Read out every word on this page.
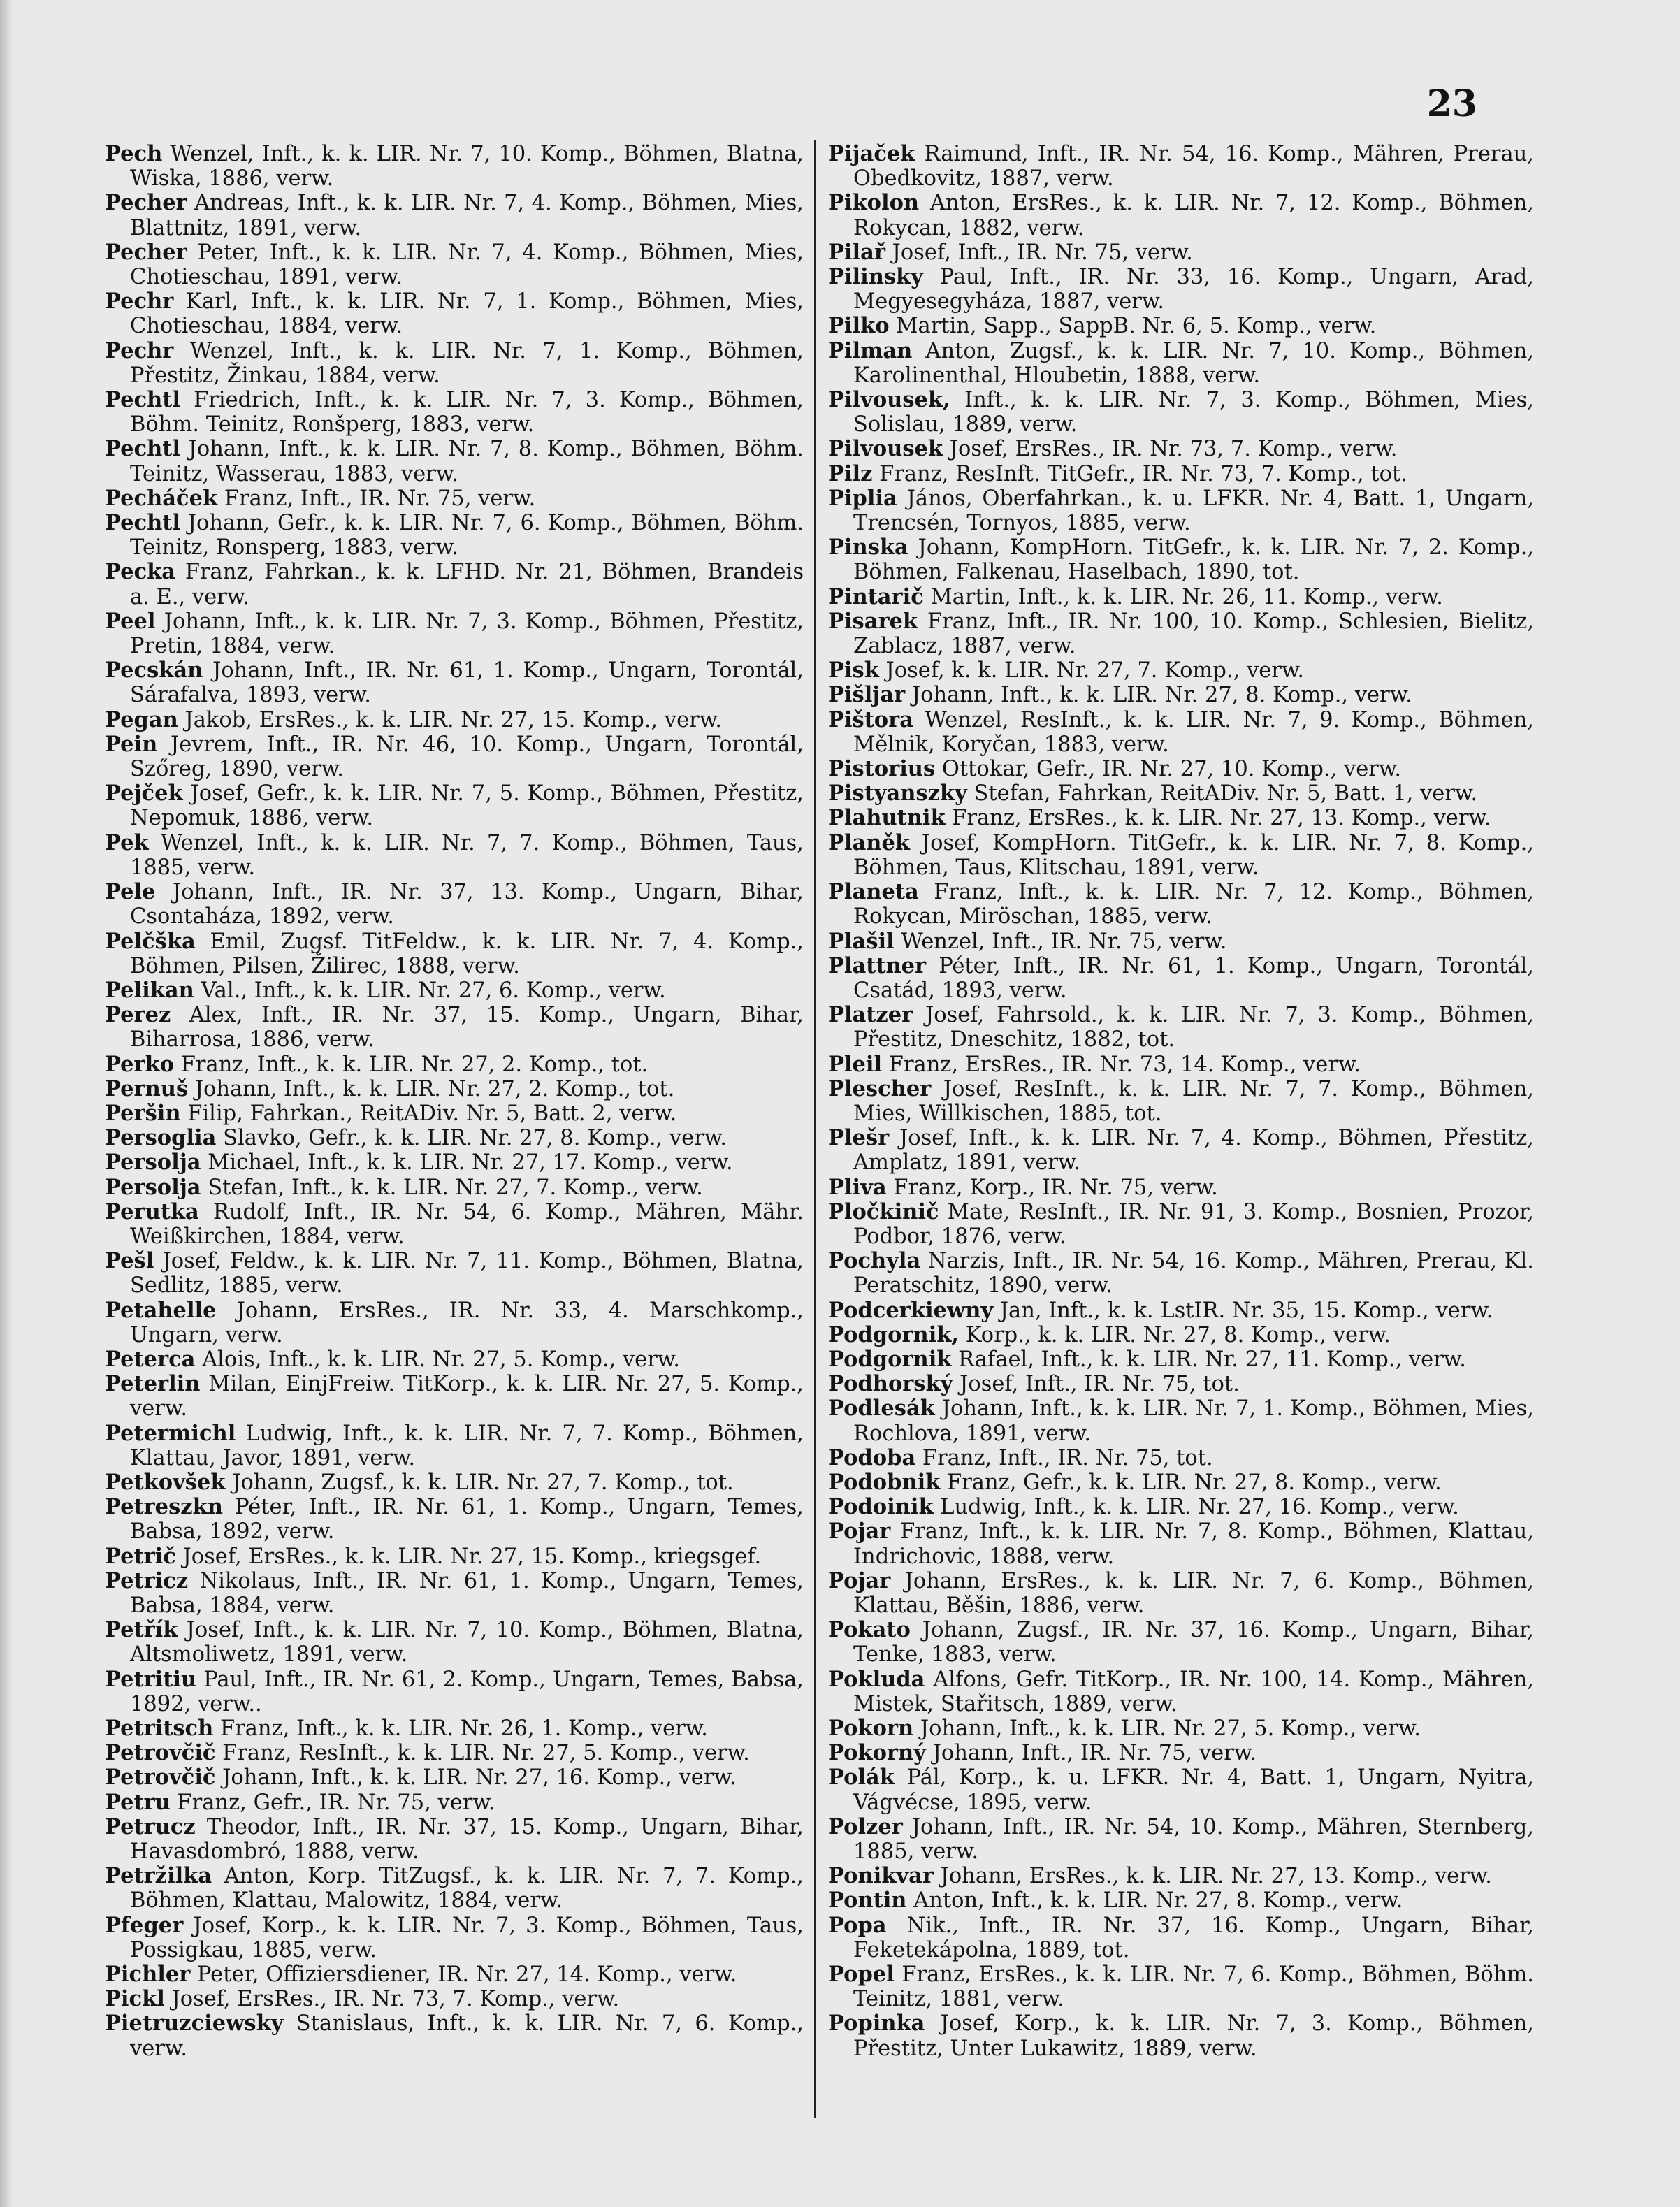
23

Pech Wenzel, Inft., k. k. LIR. Nr. 7, 10. Komp., Böhmen, Blatna, Wiska, 1886, verw.

Pecher Andreas, Inft., k. k. LIR. Nr. 7, 4. Komp., Böhmen, Mies, Blattnitz, 1891, verw.

Pecher Peter, Inft., k. k. LIR. Nr. 7, 4. Komp., Böhmen, Mies, Chotieschau, 1891, verw.

Pechr Karl, Inft., k. k. LIR. Nr. 7, 1. Komp., Böhmen, Mies, Chotieschau, 1884, verw.

Pechr Wenzel, Inft., k. k. LIR. Nr. 7, 1. Komp., Böhmen, Přestitz, Žinkau, 1884, verw.

Pechtl Friedrich, Inft., k. k. LIR. Nr. 7, 3. Komp., Böhmen, Böhm. Teinitz, Ronšperg, 1883, verw.

Pechtl Johann, Inft., k. k. LIR. Nr. 7, 8. Komp., Böhmen, Böhm. Teinitz, Wasserau, 1883, verw.

Pecháček Franz, Inft., IR. Nr. 75, verw.

Pechtl Johann, Gefr., k. k. LIR. Nr. 7, 6. Komp., Böhmen, Böhm. Teinitz, Ronsperg, 1883, verw.

Pecka Franz, Fahrkan., k. k. LFHD. Nr. 21, Böhmen, Brandeis a. E., verw.

Peel Johann, Inft., k. k. LIR. Nr. 7, 3. Komp., Böhmen, Přestitz, Pretin, 1884, verw.

Pecskán Johann, Inft., IR. Nr. 61, 1. Komp., Ungarn, Torontál, Sárafalva, 1893, verw.

Pegan Jakob, ErsRes., k. k. LIR. Nr. 27, 15. Komp., verw.

Pein Jevrem, Inft., IR. Nr. 46, 10. Komp., Ungarn, Torontál, Szőreg, 1890, verw.

Pejček Josef, Gefr., k. k. LIR. Nr. 7, 5. Komp., Böhmen, Přestitz, Nepomuk, 1886, verw.

Pek Wenzel, Inft., k. k. LIR. Nr. 7, 7. Komp., Böhmen, Taus, 1885, verw.

Pele Johann, Inft., IR. Nr. 37, 13. Komp., Ungarn, Bihar, Csontaháza, 1892, verw.

Pelčška Emil, Zugsf. TitFeldw., k. k. LIR. Nr. 7, 4. Komp., Böhmen, Pilsen, Žilirec, 1888, verw.

Pelikan Val., Inft., k. k. LIR. Nr. 27, 6. Komp., verw.

Perez Alex, Inft., IR. Nr. 37, 15. Komp., Ungarn, Bihar, Biharrosa, 1886, verw.

Perko Franz, Inft., k. k. LIR. Nr. 27, 2. Komp., tot.

Pernuš Johann, Inft., k. k. LIR. Nr. 27, 2. Komp., tot.

Peršin Filip, Fahrkan., ReitADiv. Nr. 5, Batt. 2, verw.

Persoglia Slavko, Gefr., k. k. LIR. Nr. 27, 8. Komp., verw.

Persolja Michael, Inft., k. k. LIR. Nr. 27, 17. Komp., verw.

Persolja Stefan, Inft., k. k. LIR. Nr. 27, 7. Komp., verw.

Perutka Rudolf, Inft., IR. Nr. 54, 6. Komp., Mähren, Mähr. Weißkirchen, 1884, verw.

Pešl Josef, Feldw., k. k. LIR. Nr. 7, 11. Komp., Böhmen, Blatna, Sedlitz, 1885, verw.

Petahelle Johann, ErsRes., IR. Nr. 33, 4. Marschkomp., Ungarn, verw.

Peterca Alois, Inft., k. k. LIR. Nr. 27, 5. Komp., verw.

Peterlin Milan, EinjFreiw. TitKorp., k. k. LIR. Nr. 27, 5. Komp., verw.

Petermichl Ludwig, Inft., k. k. LIR. Nr. 7, 7. Komp., Böhmen, Klattau, Javor, 1891, verw.

Petkovšek Johann, Zugsf., k. k. LIR. Nr. 27, 7. Komp., tot.

Petreszkn Péter, Inft., IR. Nr. 61, 1. Komp., Ungarn, Temes, Babsa, 1892, verw.

Petrič Josef, ErsRes., k. k. LIR. Nr. 27, 15. Komp., kriegsgef.

Petricz Nikolaus, Inft., IR. Nr. 61, 1. Komp., Ungarn, Temes, Babsa, 1884, verw.

Petřík Josef, Inft., k. k. LIR. Nr. 7, 10. Komp., Böhmen, Blatna, Altsmoliwetz, 1891, verw.

Petritiu Paul, Inft., IR. Nr. 61, 2. Komp., Ungarn, Temes, Babsa, 1892, verw..

Petritsch Franz, Inft., k. k. LIR. Nr. 26, 1. Komp., verw.

Petrovčič Franz, ResInft., k. k. LIR. Nr. 27, 5. Komp., verw.

Petrovčič Johann, Inft., k. k. LIR. Nr. 27, 16. Komp., verw.

Petru Franz, Gefr., IR. Nr. 75, verw.

Petrucz Theodor, Inft., IR. Nr. 37, 15. Komp., Ungarn, Bihar, Havasdombró, 1888, verw.

Petržilka Anton, Korp. TitZugsf., k. k. LIR. Nr. 7, 7. Komp., Böhmen, Klattau, Malowitz, 1884, verw.

Pfeger Josef, Korp., k. k. LIR. Nr. 7, 3. Komp., Böhmen, Taus, Possigkau, 1885, verw.

Pichler Peter, Offiziersdiener, IR. Nr. 27, 14. Komp., verw.

Pickl Josef, ErsRes., IR. Nr. 73, 7. Komp., verw.

Pietruzciewsky Stanislaus, Inft., k. k. LIR. Nr. 7, 6. Komp., verw.

Pijaček Raimund, Inft., IR. Nr. 54, 16. Komp., Mähren, Prerau, Obedkovitz, 1887, verw.

Pikolon Anton, ErsRes., k. k. LIR. Nr. 7, 12. Komp., Böhmen, Rokycan, 1882, verw.

Pilař Josef, Inft., IR. Nr. 75, verw.

Pilinsky Paul, Inft., IR. Nr. 33, 16. Komp., Ungarn, Arad, Megyesegyháza, 1887, verw.

Pilko Martin, Sapp., SappB. Nr. 6, 5. Komp., verw.

Pilman Anton, Zugsf., k. k. LIR. Nr. 7, 10. Komp., Böhmen, Karolinenthal, Hloubetin, 1888, verw.

Pilvousek, Inft., k. k. LIR. Nr. 7, 3. Komp., Böhmen, Mies, Solislau, 1889, verw.

Pilvousek Josef, ErsRes., IR. Nr. 73, 7. Komp., verw.

Pilz Franz, ResInft. TitGefr., IR. Nr. 73, 7. Komp., tot.

Piplia János, Oberfahrkan., k. u. LFKR. Nr. 4, Batt. 1, Ungarn, Trencsén, Tornyos, 1885, verw.

Pinska Johann, KompHorn. TitGefr., k. k. LIR. Nr. 7, 2. Komp., Böhmen, Falkenau, Haselbach, 1890, tot.

Pintarič Martin, Inft., k. k. LIR. Nr. 26, 11. Komp., verw.

Pisarek Franz, Inft., IR. Nr. 100, 10. Komp., Schlesien, Bielitz, Zablacz, 1887, verw.

Pisk Josef, k. k. LIR. Nr. 27, 7. Komp., verw.

Pišljar Johann, Inft., k. k. LIR. Nr. 27, 8. Komp., verw.

Pištora Wenzel, ResInft., k. k. LIR. Nr. 7, 9. Komp., Böhmen, Mělnik, Koryčan, 1883, verw.

Pistorius Ottokar, Gefr., IR. Nr. 27, 10. Komp., verw.

Pistyanszky Stefan, Fahrkan, ReitADiv. Nr. 5, Batt. 1, verw.

Plahutnik Franz, ErsRes., k. k. LIR. Nr. 27, 13. Komp., verw.

Planěk Josef, KompHorn. TitGefr., k. k. LIR. Nr. 7, 8. Komp., Böhmen, Taus, Klitschau, 1891, verw.

Planeta Franz, Inft., k. k. LIR. Nr. 7, 12. Komp., Böhmen, Rokycan, Miröschan, 1885, verw.

Plašil Wenzel, Inft., IR. Nr. 75, verw.

Plattner Péter, Inft., IR. Nr. 61, 1. Komp., Ungarn, Torontál, Csatád, 1893, verw.

Platzer Josef, Fahrsold., k. k. LIR. Nr. 7, 3. Komp., Böhmen, Přestitz, Dneschitz, 1882, tot.

Pleil Franz, ErsRes., IR. Nr. 73, 14. Komp., verw.

Plescher Josef, ResInft., k. k. LIR. Nr. 7, 7. Komp., Böhmen, Mies, Willkischen, 1885, tot.

Plešr Josef, Inft., k. k. LIR. Nr. 7, 4. Komp., Böhmen, Přestitz, Amplatz, 1891, verw.

Pliva Franz, Korp., IR. Nr. 75, verw.

Pločkinič Mate, ResInft., IR. Nr. 91, 3. Komp., Bosnien, Prozor, Podbor, 1876, verw.

Pochyla Narzis, Inft., IR. Nr. 54, 16. Komp., Mähren, Prerau, Kl. Peratschitz, 1890, verw.

Podcerkiewny Jan, Inft., k. k. LstIR. Nr. 35, 15. Komp., verw.

Podgornik, Korp., k. k. LIR. Nr. 27, 8. Komp., verw.

Podgornik Rafael, Inft., k. k. LIR. Nr. 27, 11. Komp., verw.

Podhorský Josef, Inft., IR. Nr. 75, tot.

Podlesák Johann, Inft., k. k. LIR. Nr. 7, 1. Komp., Böhmen, Mies, Rochlova, 1891, verw.

Podoba Franz, Inft., IR. Nr. 75, tot.

Podobnik Franz, Gefr., k. k. LIR. Nr. 27, 8. Komp., verw.

Podoinik Ludwig, Inft., k. k. LIR. Nr. 27, 16. Komp., verw.

Pojar Franz, Inft., k. k. LIR. Nr. 7, 8. Komp., Böhmen, Klattau, Indrichovic, 1888, verw.

Pojar Johann, ErsRes., k. k. LIR. Nr. 7, 6. Komp., Böhmen, Klattau, Běšin, 1886, verw.

Pokato Johann, Zugsf., IR. Nr. 37, 16. Komp., Ungarn, Bihar, Tenke, 1883, verw.

Pokluda Alfons, Gefr. TitKorp., IR. Nr. 100, 14. Komp., Mähren, Mistek, Stařitsch, 1889, verw.

Pokorn Johann, Inft., k. k. LIR. Nr. 27, 5. Komp., verw.

Pokorný Johann, Inft., IR. Nr. 75, verw.

Polák Pál, Korp., k. u. LFKR. Nr. 4, Batt. 1, Ungarn, Nyitra, Vágvécse, 1895, verw.

Polzer Johann, Inft., IR. Nr. 54, 10. Komp., Mähren, Sternberg, 1885, verw.

Ponikvar Johann, ErsRes., k. k. LIR. Nr. 27, 13. Komp., verw.

Pontin Anton, Inft., k. k. LIR. Nr. 27, 8. Komp., verw.

Popa Nik., Inft., IR. Nr. 37, 16. Komp., Ungarn, Bihar, Feketekápolna, 1889, tot.

Popel Franz, ErsRes., k. k. LIR. Nr. 7, 6. Komp., Böhmen, Böhm. Teinitz, 1881, verw.

Popinka Josef, Korp., k. k. LIR. Nr. 7, 3. Komp., Böhmen, Přestitz, Unter Lukawitz, 1889, verw.
